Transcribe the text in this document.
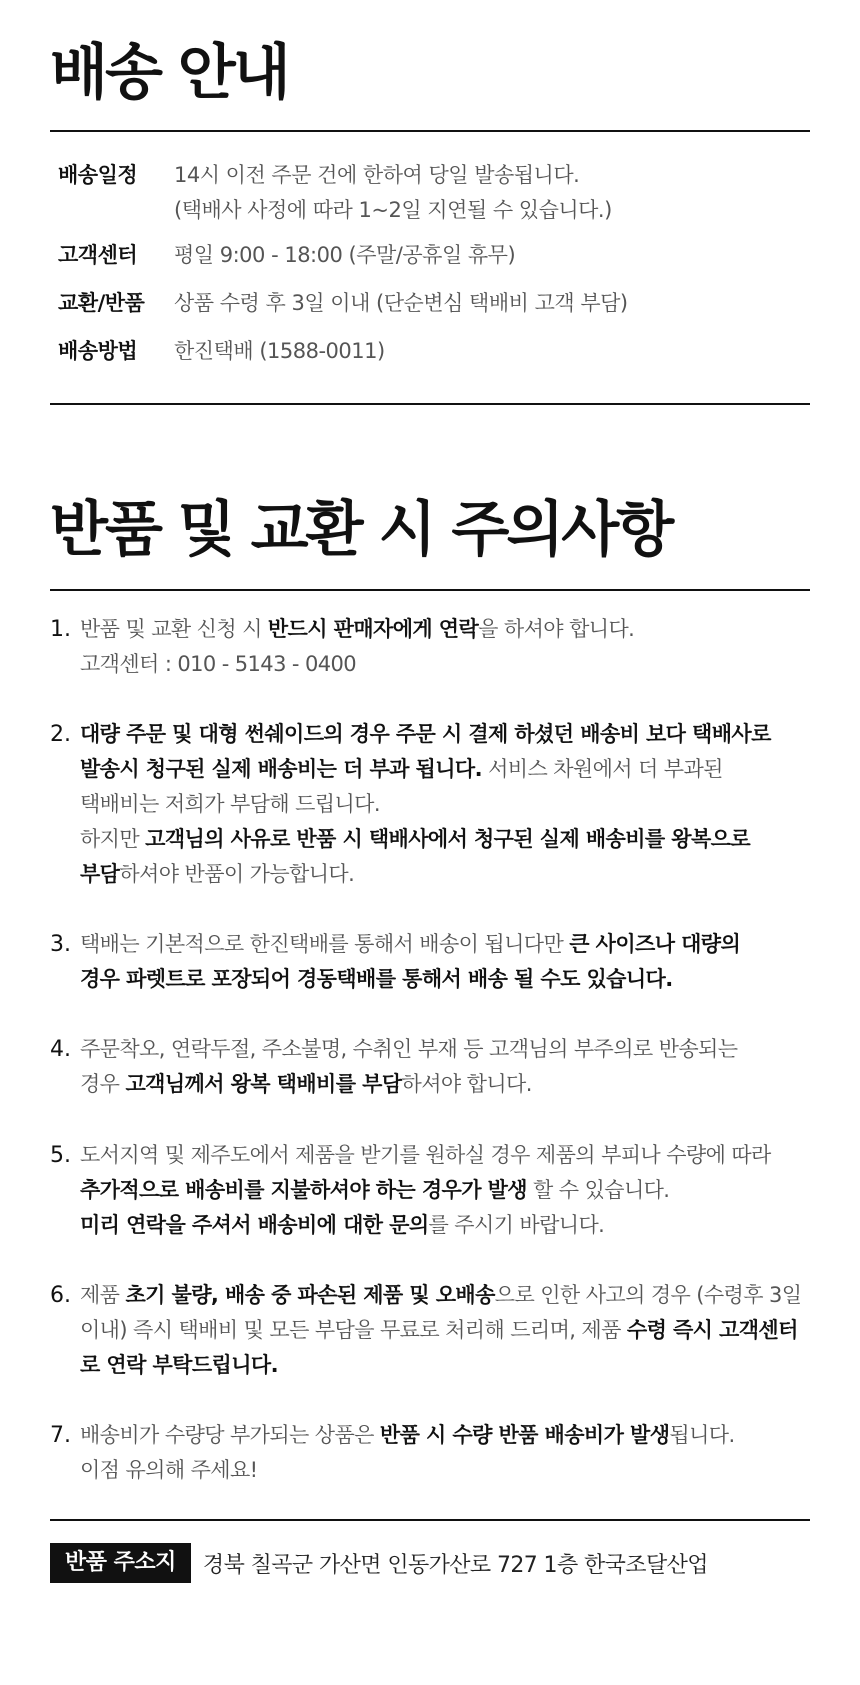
배송 안내
배송일정	14시 이전 주문 건에 한하여 당일 발송됩니다.
(택배사 사정에 따라 1~2일 지연될 수 있습니다.)
고객센터	평일 9:00 - 18:00 (주말/공휴일 휴무)
교환/반품	상품 수령 후 3일 이내 (단순변심 택배비 고객 부담)
배송방법	한진택배 (1588-0011)
반품 및 교환 시 주의사항
1. 반품 및 교환 신청 시 반드시 판매자에게 연락을 하셔야 합니다.
고객센터 : 010 - 5143 - 0400
2. 대량 주문 및 대형 썬쉐이드의 경우 주문 시 결제 하셨던 배송비 보다 택배사로
발송시 청구된 실제 배송비는 더 부과 됩니다. 서비스 차원에서 더 부과된
택배비는 저희가 부담해 드립니다.
하지만 고객님의 사유로 반품 시 택배사에서 청구된 실제 배송비를 왕복으로
부담하셔야 반품이 가능합니다.
3. 택배는 기본적으로 한진택배를 통해서 배송이 됩니다만 큰 사이즈나 대량의
경우 파렛트로 포장되어 경동택배를 통해서 배송 될 수도 있습니다.
4. 주문착오, 연락두절, 주소불명, 수취인 부재 등 고객님의 부주의로 반송되는
경우 고객님께서 왕복 택배비를 부담하셔야 합니다.
5. 도서지역 및 제주도에서 제품을 받기를 원하실 경우 제품의 부피나 수량에 따라
추가적으로 배송비를 지불하셔야 하는 경우가 발생 할 수 있습니다.
미리 연락을 주셔서 배송비에 대한 문의를 주시기 바랍니다.
6. 제품 초기 불량, 배송 중 파손된 제품 및 오배송으로 인한 사고의 경우 (수령후 3일
이내) 즉시 택배비 및 모든 부담을 무료로 처리해 드리며, 제품 수령 즉시 고객센터
로 연락 부탁드립니다.
7. 배송비가 수량당 부가되는 상품은 반품 시 수량 반품 배송비가 발생됩니다.
이점 유의해 주세요!
반품 주소지	경북 칠곡군 가산면 인동가산로 727 1층 한국조달산업
